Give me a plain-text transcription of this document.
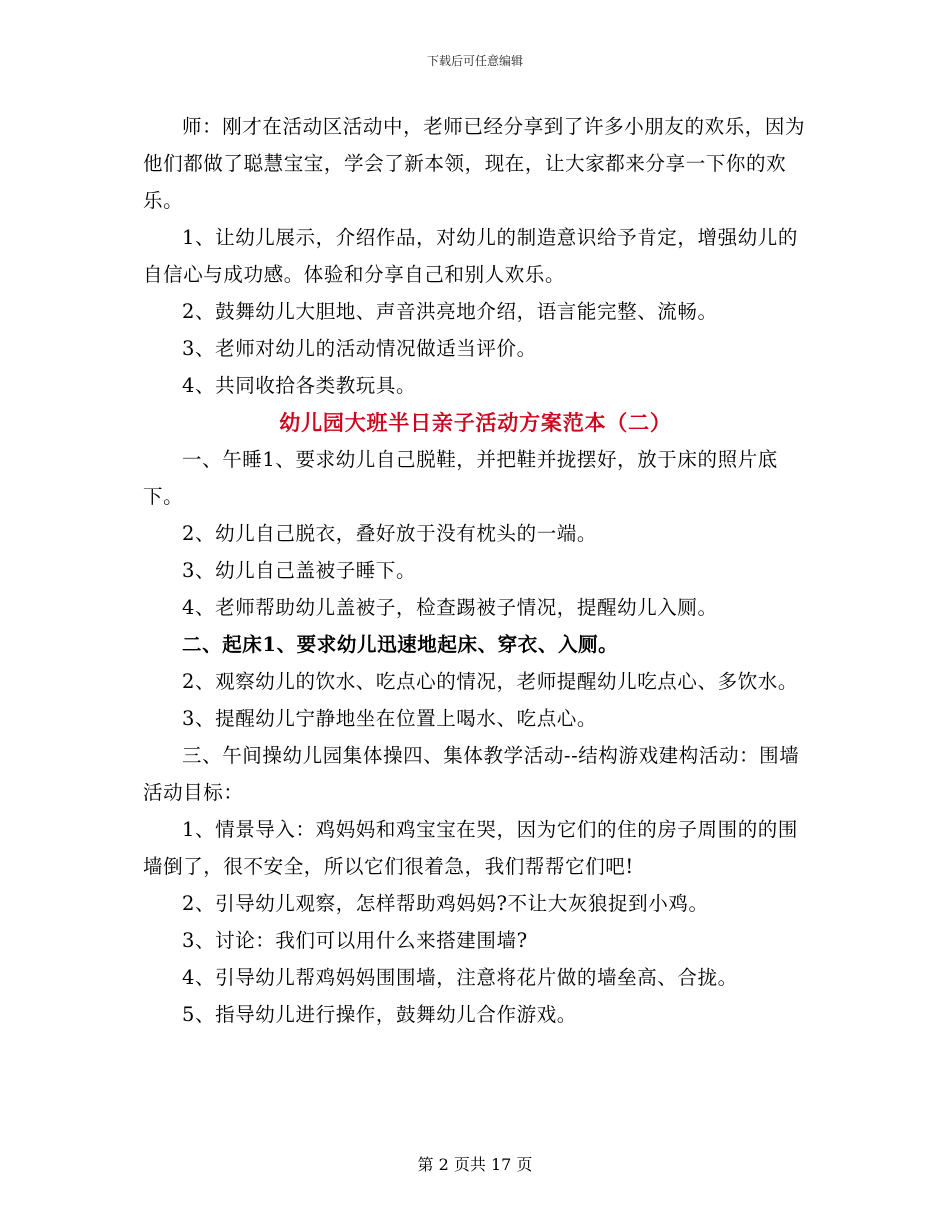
下载后可任意编辑

师：刚才在活动区活动中，老师已经分享到了许多小朋友的欢乐，因为他们都做了聪慧宝宝，学会了新本领，现在，让大家都来分享一下你的欢乐。

1、让幼儿展示，介绍作品，对幼儿的制造意识给予肯定，增强幼儿的自信心与成功感。体验和分享自己和别人欢乐。

2、鼓舞幼儿大胆地、声音洪亮地介绍，语言能完整、流畅。

3、老师对幼儿的活动情况做适当评价。

4、共同收拾各类教玩具。

幼儿园大班半日亲子活动方案范本（二）

一、午睡1、要求幼儿自己脱鞋，并把鞋并拢摆好，放于床的照片底下。

2、幼儿自己脱衣，叠好放于没有枕头的一端。

3、幼儿自己盖被子睡下。

4、老师帮助幼儿盖被子，检查踢被子情况，提醒幼儿入厕。

二、起床1、要求幼儿迅速地起床、穿衣、入厕。

2、观察幼儿的饮水、吃点心的情况，老师提醒幼儿吃点心、多饮水。

3、提醒幼儿宁静地坐在位置上喝水、吃点心。

三、午间操幼儿园集体操四、集体教学活动--结构游戏建构活动：围墙活动目标：

1、情景导入：鸡妈妈和鸡宝宝在哭，因为它们的住的房子周围的的围墙倒了，很不安全，所以它们很着急，我们帮帮它们吧!

2、引导幼儿观察，怎样帮助鸡妈妈?不让大灰狼捉到小鸡。

3、讨论：我们可以用什么来搭建围墙?

4、引导幼儿帮鸡妈妈围围墙，注意将花片做的墙垒高、合拢。

5、指导幼儿进行操作，鼓舞幼儿合作游戏。

第 2 页共 17 页
